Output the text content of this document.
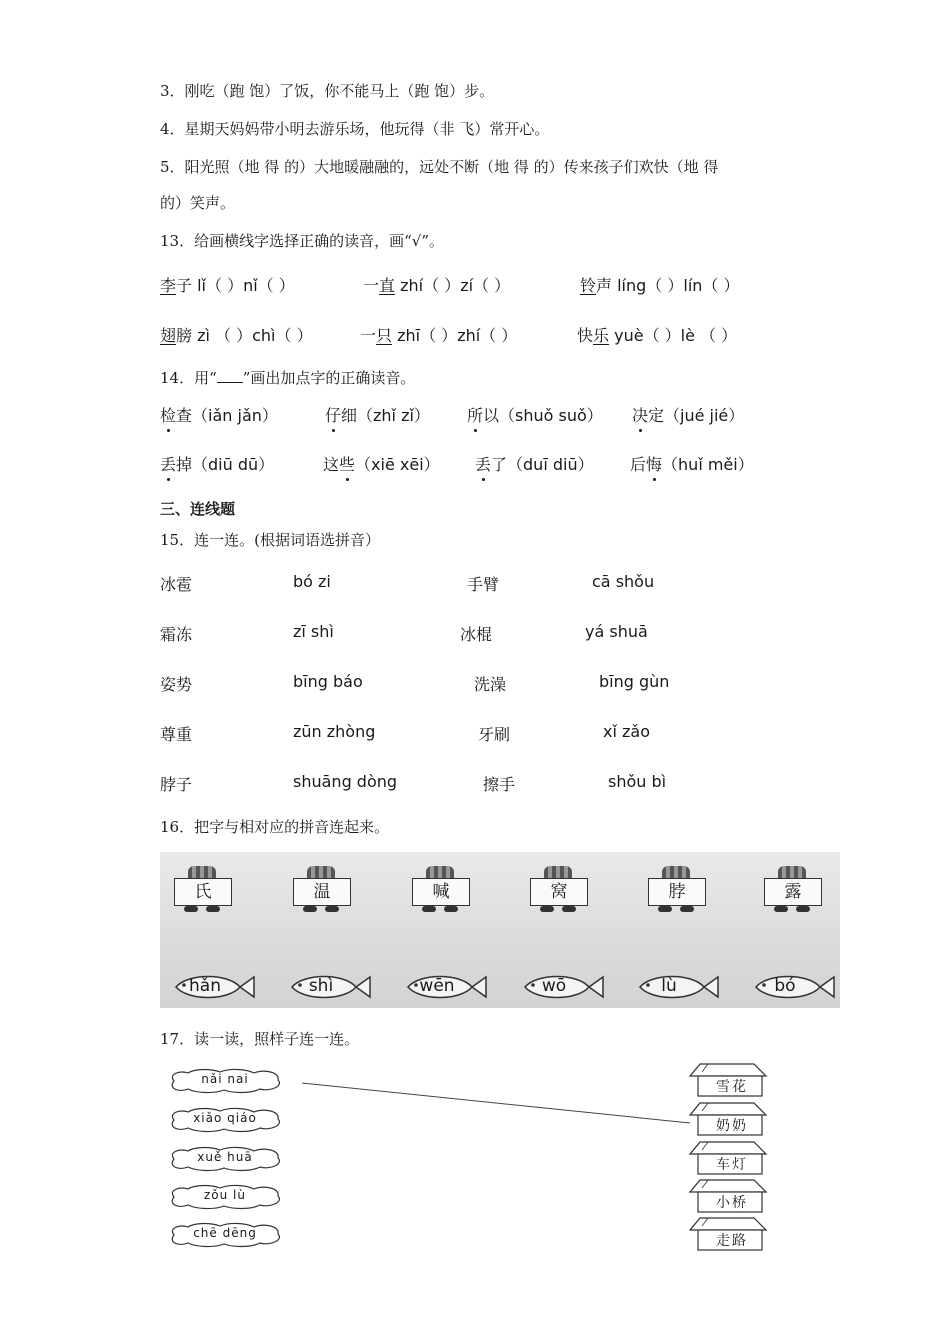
3．刚吃（跑 饱）了饭，你不能马上（跑 饱）步。
4．星期天妈妈带小明去游乐场，他玩得（非 飞）常开心。
5．阳光照（地 得 的）大地暖融融的，远处不断（地 得 的）传来孩子们欢快（地 得
的）笑声。
13．给画横线字选择正确的读音，画“√”。
李子 lǐ（ ）nǐ（ ）	一直 zhí（ ）zí（ ）	铃声 líng（ ）lín（ ）
翅膀 zì （ ）chì（ ）	一只 zhī（ ）zhí（ ）	快乐 yuè（ ）lè （ ）
14．用“ ”画出加点字的正确读音。
检查（iǎn jǎn）	仔细（zhǐ zǐ） 所以（shuǒ suǒ） 决定（jué jié）
丢掉（diū dū）	这些（xiē xēi） 丢了（duī diū） 后悔（huǐ měi）
三、连线题
15．连一连。(根据词语选拼音）
冰雹	bó zi	手臂	cā shǒu
霜冻	zī shì	冰棍	yá shuā
姿势	bīng báo	洗澡	bīng gùn
尊重	zūn zhòng	牙刷	xǐ zǎo
脖子	shuāng dòng	擦手	shǒu bì
16．把字与相对应的拼音连起来。
氏	温	喊	窝	脖	露
hǎn	shì	wēn	wō	lù	bó
17．读一读，照样子连一连。
nǎi nai
xiǎo qiáo
xuě huā
zǒu lù
chē dēng
雪花
奶奶
车灯
小桥
走路
